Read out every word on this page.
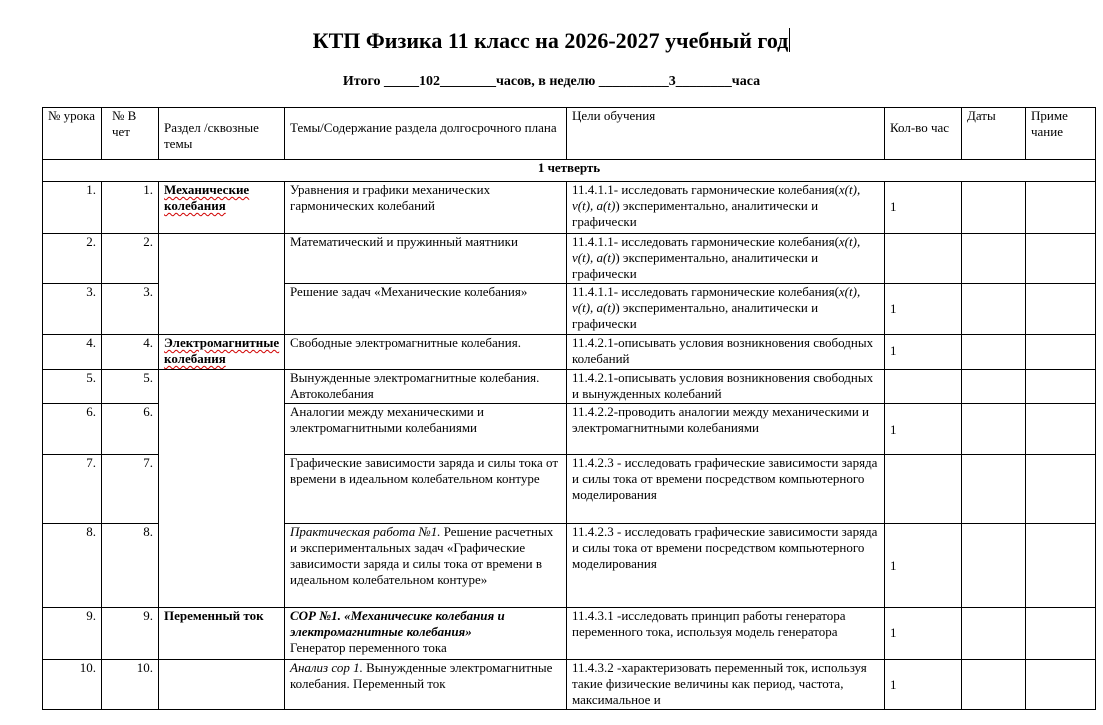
КТП Физика 11 класс на 2026-2027 учебный год
Итого _____102________часов, в неделю __________3________часа
№ урока	№ В чет	Раздел /сквозные темы	Темы/Содержание раздела долгосрочного плана	Цели обучения	Кол-во час	Даты	Приме чание
1 четверть							
1.	1.	Механические колебания	Уравнения и графики механических гармонических колебаний	11.4.1.1- исследовать гармонические колебания(x(t), v(t), a(t)) экспериментально, аналитически и графически	1		

2.	2.		Математический и пружинный маятники	11.4.1.1- исследовать гармонические колебания(x(t), v(t), a(t)) экспериментально, аналитически и графически	

3.	3.		Решение задач «Механические колебания»	11.4.1.1- исследовать гармонические колебания(x(t), v(t), a(t)) экспериментально, аналитически и графически	1		

4.	4.	Электромагнитные колебания	Свободные электромагнитные колебания.	11.4.2.1-описывать условия возникновения свободных колебаний	1		

5.	5.		Вынужденные электромагнитные колебания. Автоколебания	11.4.2.1-описывать условия возникновения свободных и вынужденных колебаний	

6.	6.		Аналогии между механическими и электромагнитными колебаниями	11.4.2.2-проводить аналогии между механическими и электромагнитными колебаниями	1		

7.	7.		Графические зависимости заряда и силы тока от времени в идеальном колебательном контуре	11.4.2.3 - исследовать графические зависимости заряда и силы тока от времени посредством компьютерного моделирования	

8.	8.		Практическая работа №1. Решение расчетных и экспериментальных задач «Графические зависимости заряда и силы тока от времени в идеальном колебательном контуре»	11.4.2.3 - исследовать графические зависимости заряда и силы тока от времени посредством компьютерного моделирования	1		

9.	9.	Переменный ток	СОР №1. «Механичесике колебания и электромагнитные колебания»
Генератор переменного тока	11.4.3.1 -исследовать принцип работы генератора переменного тока, используя модель генератора	1		

10.	10.		Анализ сор 1. Вынужденные электромагнитные колебания. Переменный ток	11.4.3.2 -характеризовать переменный ток, используя такие физические величины как период, частота, максимальное и	1		
